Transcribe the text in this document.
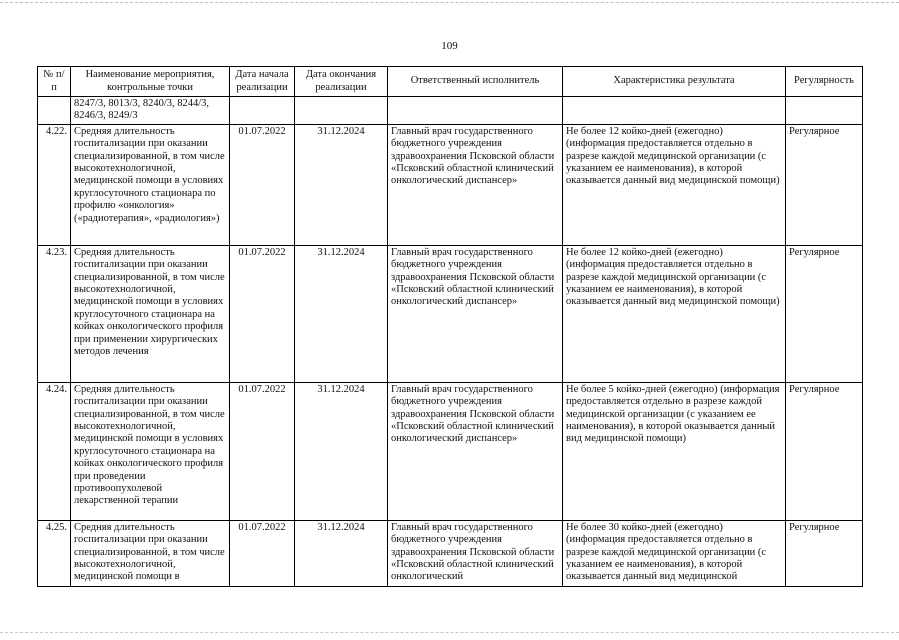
109
№ п/п	Наименование мероприятия, контрольные точки	Дата начала реализации	Дата окончания реализации	Ответственный исполнитель	Характеристика результата	Регулярность
	8247/3, 8013/3, 8240/3, 8244/3, 8246/3, 8249/3					
4.22.	Средняя длительность госпитализации при оказании специализированной, в том числе высокотехнологичной, медицинской помощи в условиях круглосуточного стационара по профилю «онкология» («радиотерапия», «радиология»)	01.07.2022	31.12.2024	Главный врач государственного бюджетного учреждения здравоохранения Псковской области «Псковский областной клинический онкологический диспансер»	Не более 12 койко-дней (ежегодно) (информация предоставляется отдельно в разрезе каждой медицинской организации (с указанием ее наименования), в которой оказывается данный вид медицинской помощи)	Регулярное
4.23.	Средняя длительность госпитализации при оказании специализированной, в том числе высокотехнологичной, медицинской помощи в условиях круглосуточного стационара на койках онкологического профиля при применении хирургических методов лечения	01.07.2022	31.12.2024	Главный врач государственного бюджетного учреждения здравоохранения Псковской области «Псковский областной клинический онкологический диспансер»	Не более 12 койко-дней (ежегодно) (информация предоставляется отдельно в разрезе каждой медицинской организации (с указанием ее наименования), в которой оказывается данный вид медицинской помощи)	Регулярное
4.24.	Средняя длительность госпитализации при оказании специализированной, в том числе высокотехнологичной, медицинской помощи в условиях круглосуточного стационара на койках онкологического профиля при проведении противоопухолевой лекарственной терапии	01.07.2022	31.12.2024	Главный врач государственного бюджетного учреждения здравоохранения Псковской области «Псковский областной клинический онкологический диспансер»	Не более 5 койко-дней (ежегодно) (информация предоставляется отдельно в разрезе каждой медицинской организации (с указанием ее наименования), в которой оказывается данный вид медицинской помощи)	Регулярное
4.25.	Средняя длительность госпитализации при оказании специализированной, в том числе высокотехнологичной, медицинской помощи в	01.07.2022	31.12.2024	Главный врач государственного бюджетного учреждения здравоохранения Псковской области «Псковский областной клинический онкологический	Не более 30 койко-дней (ежегодно) (информация предоставляется отдельно в разрезе каждой медицинской организации (с указанием ее наименования), в которой оказывается данный вид медицинской	Регулярное
